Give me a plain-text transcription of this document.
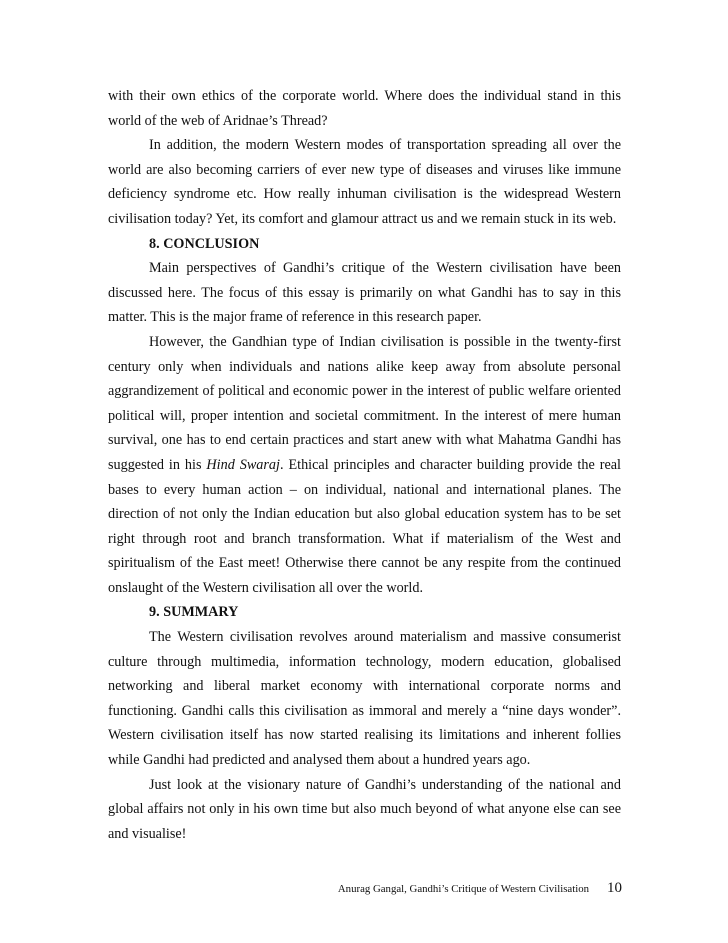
with their own ethics of the corporate world. Where does the individual stand in this world of the web of Aridnae’s Thread?

In addition, the modern Western modes of transportation spreading all over the world are also becoming carriers of ever new type of diseases and viruses like immune deficiency syndrome etc. How really inhuman civilisation is the widespread Western civilisation today? Yet, its comfort and glamour attract us and we remain stuck in its web.

8. CONCLUSION

Main perspectives of Gandhi’s critique of the Western civilisation have been discussed here. The focus of this essay is primarily on what Gandhi has to say in this matter. This is the major frame of reference in this research paper.

However, the Gandhian type of Indian civilisation is possible in the twenty-first century only when individuals and nations alike keep away from absolute personal aggrandizement of political and economic power in the interest of public welfare oriented political will, proper intention and societal commitment. In the interest of mere human survival, one has to end certain practices and start anew with what Mahatma Gandhi has suggested in his Hind Swaraj. Ethical principles and character building provide the real bases to every human action – on individual, national and international planes. The direction of not only the Indian education but also global education system has to be set right through root and branch transformation. What if materialism of the West and spiritualism of the East meet! Otherwise there cannot be any respite from the continued onslaught of the Western civilisation all over the world.

9. SUMMARY

The Western civilisation revolves around materialism and massive consumerist culture through multimedia, information technology, modern education, globalised networking and liberal market economy with international corporate norms and functioning. Gandhi calls this civilisation as immoral and merely a “nine days wonder”. Western civilisation itself has now started realising its limitations and inherent follies while Gandhi had predicted and analysed them about a hundred years ago.

Just look at the visionary nature of Gandhi’s understanding of the national and global affairs not only in his own time but also much beyond of what anyone else can see and visualise!

Anurag Gangal, Gandhi’s Critique of Western Civilisation 10
